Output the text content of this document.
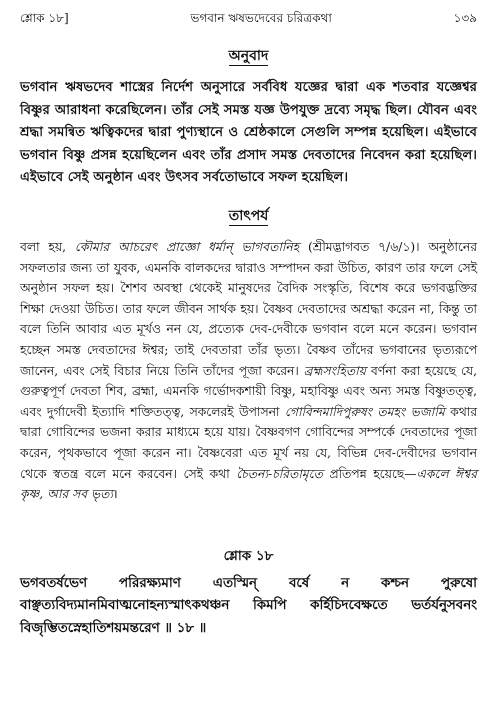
শ্লোক ১৮]	ভগবান ঋষভদেবের চরিত্রকথা	১৩৯
অনুবাদ

ভগবান ঋষভদেব শাস্ত্রের নির্দেশ অনুসারে সর্ববিধ যজ্ঞের দ্বারা এক শতবার যজ্ঞেশ্বর বিষ্ণুর আরাধনা করেছিলেন। তাঁর সেই সমস্ত যজ্ঞ উপযুক্ত দ্রব্যে সমৃদ্ধ ছিল। যৌবন এবং শ্রদ্ধা সমন্বিত ঋত্বিকদের দ্বারা পুণ্যস্থানে ও শ্রেষ্ঠকালে সেগুলি সম্পন্ন হয়েছিল। এইভাবে ভগবান বিষ্ণু প্রসন্ন হয়েছিলেন এবং তাঁর প্রসাদ সমস্ত দেবতাদের নিবেদন করা হয়েছিল। এইভাবে সেই অনুষ্ঠান এবং উৎসব সর্বতোভাবে সফল হয়েছিল।

তাৎপর্য

বলা হয়, কৌমার আচরেৎ প্রাজ্ঞো ধর্মান্ ভাগবতানিহ (শ্রীমদ্ভাগবত ৭/৬/১)। অনুষ্ঠানের সফলতার জন্য তা যুবক, এমনকি বালকদের দ্বারাও সম্পাদন করা উচিত, কারণ তার ফলে সেই অনুষ্ঠান সফল হয়। শৈশব অবস্থা থেকেই মানুষদের বৈদিক সংস্কৃতি, বিশেষ করে ভগবদ্ভক্তির শিক্ষা দেওয়া উচিত। তার ফলে জীবন সার্থক হয়। বৈষ্ণব দেবতাদের অশ্রদ্ধা করেন না, কিন্তু তা বলে তিনি আবার এত মূর্খও নন যে, প্রত্যেক দেব-দেবীকে ভগবান বলে মনে করেন। ভগবান হচ্ছেন সমস্ত দেবতাদের ঈশ্বর; তাই দেবতারা তাঁর ভৃত্য। বৈষ্ণব তাঁদের ভগবানের ভৃত্যরূপে জানেন, এবং সেই বিচার নিয়ে তিনি তাঁদের পূজা করেন। ব্রহ্মসংহিতায় বর্ণনা করা হয়েছে যে, গুরুত্বপূর্ণ দেবতা শিব, ব্রহ্মা, এমনকি গর্ভোদকশায়ী বিষ্ণু, মহাবিষ্ণু এবং অন্য সমস্ত বিষ্ণুতত্ত্ব, এবং দুর্গাদেবী ইত্যাদি শক্তিতত্ত্ব, সকলেরই উপাসনা গোবিন্দমাদিপুরুষং তমহং ভজামি কথার দ্বারা গোবিন্দের ভজনা করার মাধ্যমে হয়ে যায়। বৈষ্ণবগণ গোবিন্দের সম্পর্কে দেবতাদের পূজা করেন, পৃথকভাবে পূজা করেন না। বৈষ্ণবেরা এত মূর্খ নয় যে, বিভিন্ন দেব-দেবীদের ভগবান থেকে স্বতন্ত্র বলে মনে করবেন। সেই কথা চৈতন্য-চরিতামৃতে প্রতিপন্ন হয়েছে—একলে ঈশ্বর কৃষ্ণ, আর সব ভৃত্য।

শ্লোক ১৮

ভগবতর্ষভেণ পরিরক্ষ্যমাণ এতস্মিন্ বর্ষে ন কশ্চন পুরুষো বাঞ্ছত্যবিদ্যমানমিবাত্মনোহন্যস্মাৎকথঞ্চন কিমপি কর্হিচিদবেক্ষতে ভর্তর্যনুসবনং বিজৃম্ভিতস্নেহাতিশয়মন্তরেণ ॥ ১৮ ॥
